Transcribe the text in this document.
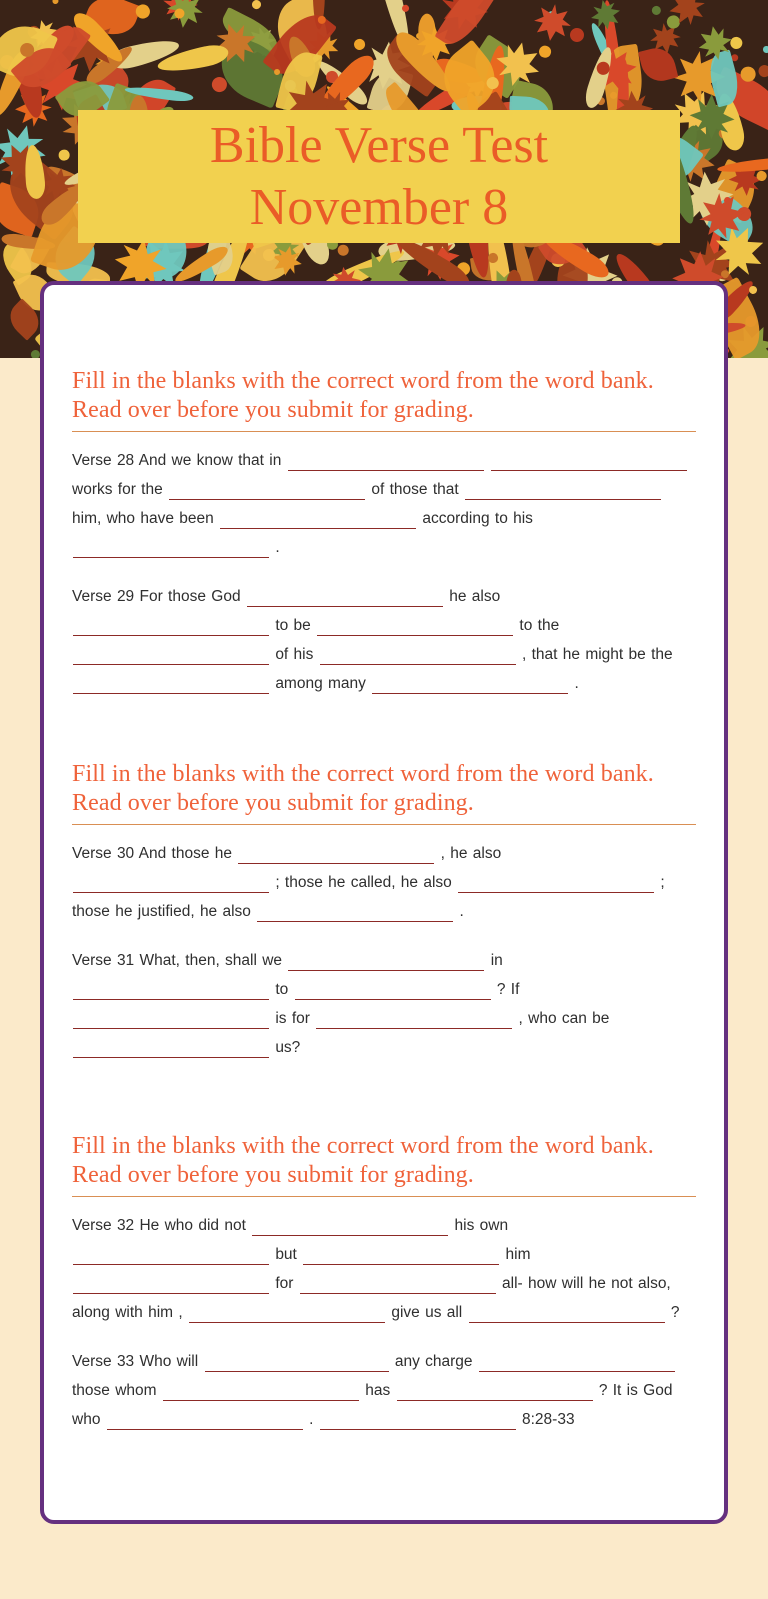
Bible Verse Test
November 8
Fill in the blanks with the correct word from the word bank. Read over before you submit for grading.
Verse 28 And we know that in   works for the	of those that  him, who have been	according to his  .
Verse 29 For those God	he also  to be	to the  of his	, that he might be the  among many	.
Fill in the blanks with the correct word from the word bank. Read over before you submit for grading.
Verse 30 And those he	, he also  ; those he called, he also	; those he justified, he also	.
Verse 31 What, then, shall we	in  to	? If  is for	, who can be  us?
Fill in the blanks with the correct word from the word bank. Read over before you submit for grading.
Verse 32 He who did not	his own  but	him  for	all- how will he not also, along with him ,	give us all	?
Verse 33 Who will	any charge  those whom	has	? It is God who	.	8:28-33
